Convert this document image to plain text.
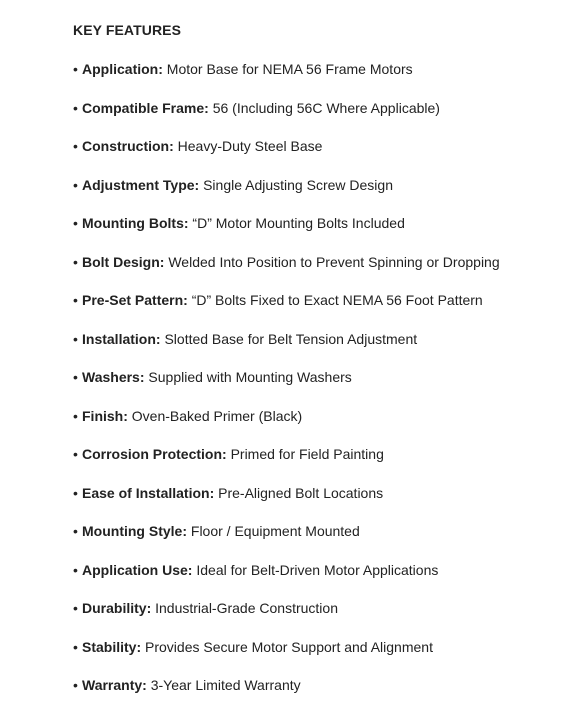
KEY FEATURES
• Application: Motor Base for NEMA 56 Frame Motors
• Compatible Frame: 56 (Including 56C Where Applicable)
• Construction: Heavy-Duty Steel Base
• Adjustment Type: Single Adjusting Screw Design
• Mounting Bolts: “D” Motor Mounting Bolts Included
• Bolt Design: Welded Into Position to Prevent Spinning or Dropping
• Pre-Set Pattern: “D” Bolts Fixed to Exact NEMA 56 Foot Pattern
• Installation: Slotted Base for Belt Tension Adjustment
• Washers: Supplied with Mounting Washers
• Finish: Oven-Baked Primer (Black)
• Corrosion Protection: Primed for Field Painting
• Ease of Installation: Pre-Aligned Bolt Locations
• Mounting Style: Floor / Equipment Mounted
• Application Use: Ideal for Belt-Driven Motor Applications
• Durability: Industrial-Grade Construction
• Stability: Provides Secure Motor Support and Alignment
• Warranty: 3-Year Limited Warranty
